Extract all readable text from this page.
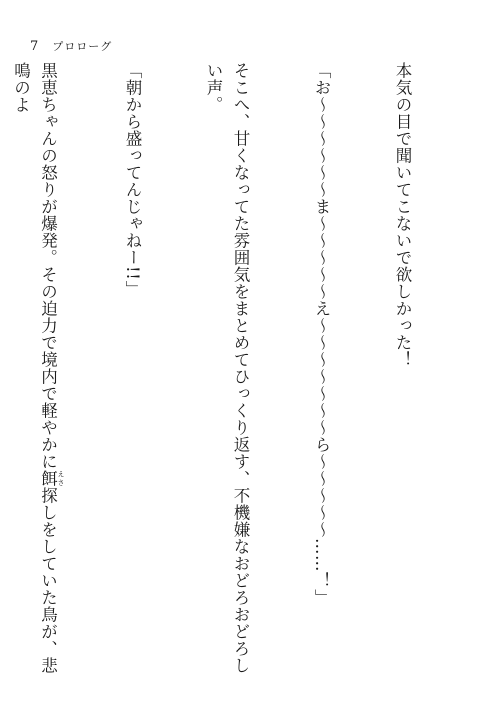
7 プロローグ

本気の目で聞いてこないで欲しかった！

「お〜〜〜〜〜〜ま〜〜〜〜〜え〜〜〜〜〜〜〜ら〜〜〜〜〜……！」

そこへ、甘くなってた雰囲気をまとめてひっくり返す、不機嫌なおどろおどろしい声。

「朝から盛ってんじゃねー!!」

黒恵ちゃんの怒りが爆発。その迫力で境内で軽やかに餌 えさ探しをしていた鳥が、悲鳴のよ
